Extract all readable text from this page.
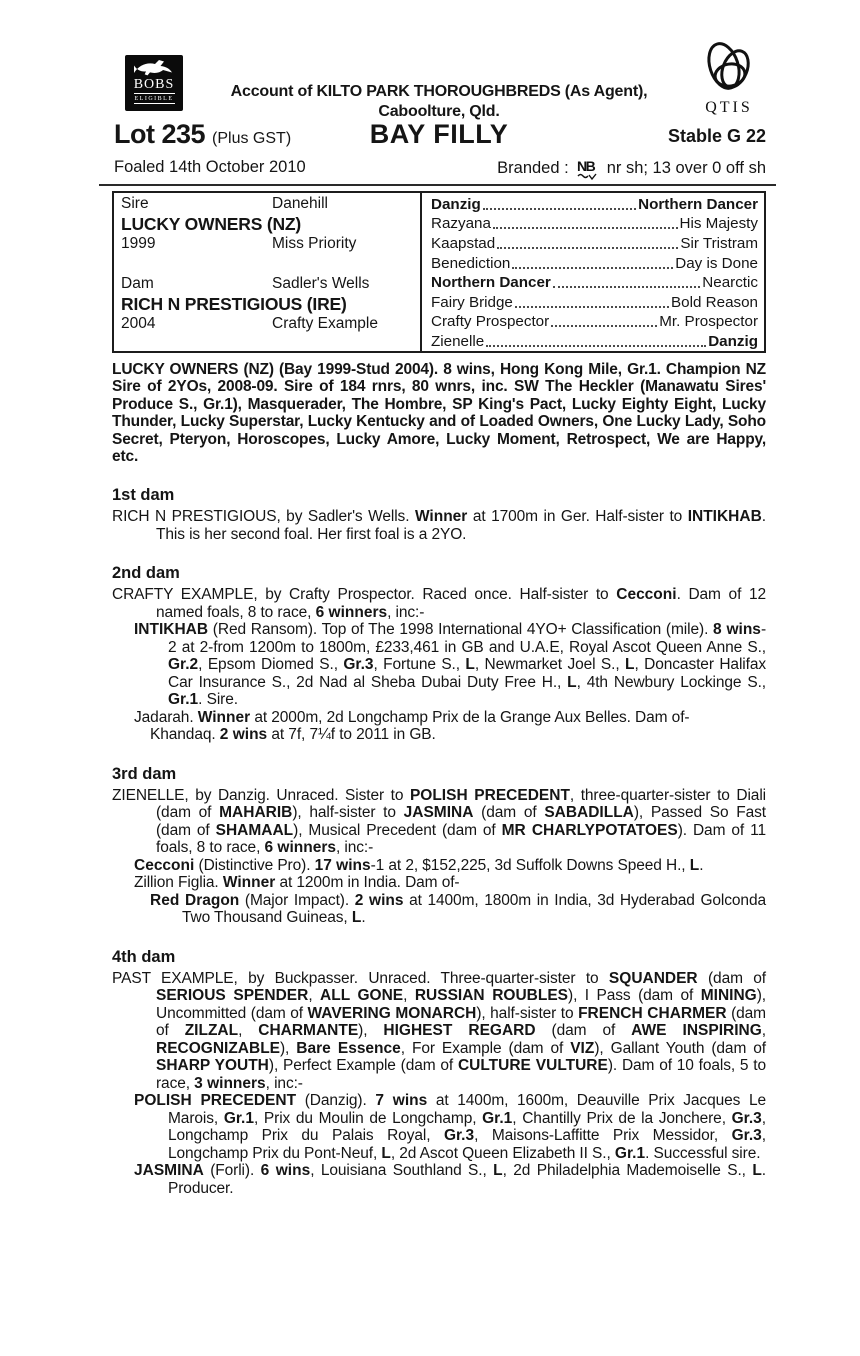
BOBS
ELIGIBLE	Account of KILTO PARK THOROUGHBREDS (As Agent),
Caboolture, Qld.	QTIS
Lot 235 (Plus GST)	BAY FILLY	Stable G 22
Foaled 14th October 2010	Branded : NB nr sh; 13 over 0 off sh
Sire	Danehill
LUCKY OWNERS (NZ)
1999	Miss Priority
Dam	Sadler's Wells
RICH N PRESTIGIOUS (IRE)
2004	Crafty Example
Danzig	Northern Dancer
Razyana	His Majesty
Kaapstad	Sir Tristram
Benediction	Day is Done
Northern Dancer	Nearctic
Fairy Bridge	Bold Reason
Crafty Prospector	Mr. Prospector
Zienelle	Danzig
LUCKY OWNERS (NZ) (Bay 1999-Stud 2004). 8 wins, Hong Kong Mile, Gr.1. Champion NZ Sire of 2YOs, 2008-09. Sire of 184 rnrs, 80 wnrs, inc. SW The Heckler (Manawatu Sires' Produce S., Gr.1), Masquerader, The Hombre, SP King's Pact, Lucky Eighty Eight, Lucky Thunder, Lucky Superstar, Lucky Kentucky and of Loaded Owners, One Lucky Lady, Soho Secret, Pteryon, Horoscopes, Lucky Amore, Lucky Moment, Retrospect, We are Happy, etc.
1st dam
RICH N PRESTIGIOUS, by Sadler's Wells. Winner at 1700m in Ger. Half-sister to INTIKHAB. This is her second foal. Her first foal is a 2YO.
2nd dam
CRAFTY EXAMPLE, by Crafty Prospector. Raced once. Half-sister to Cecconi. Dam of 12 named foals, 8 to race, 6 winners, inc:-
INTIKHAB (Red Ransom). Top of The 1998 International 4YO+ Classification (mile). 8 wins-2 at 2-from 1200m to 1800m, £233,461 in GB and U.A.E, Royal Ascot Queen Anne S., Gr.2, Epsom Diomed S., Gr.3, Fortune S., L, Newmarket Joel S., L, Doncaster Halifax Car Insurance S., 2d Nad al Sheba Dubai Duty Free H., L, 4th Newbury Lockinge S., Gr.1. Sire.
Jadarah. Winner at 2000m, 2d Longchamp Prix de la Grange Aux Belles. Dam of-
Khandaq. 2 wins at 7f, 7¼f to 2011 in GB.
3rd dam
ZIENELLE, by Danzig. Unraced. Sister to POLISH PRECEDENT, three-quarter-sister to Diali (dam of MAHARIB), half-sister to JASMINA (dam of SABADILLA), Passed So Fast (dam of SHAMAAL), Musical Precedent (dam of MR CHARLYPOTATOES). Dam of 11 foals, 8 to race, 6 winners, inc:-
Cecconi (Distinctive Pro). 17 wins-1 at 2, $152,225, 3d Suffolk Downs Speed H., L.
Zillion Figlia. Winner at 1200m in India. Dam of-
Red Dragon (Major Impact). 2 wins at 1400m, 1800m in India, 3d Hyderabad Golconda Two Thousand Guineas, L.
4th dam
PAST EXAMPLE, by Buckpasser. Unraced. Three-quarter-sister to SQUANDER (dam of SERIOUS SPENDER, ALL GONE, RUSSIAN ROUBLES), I Pass (dam of MINING), Uncommitted (dam of WAVERING MONARCH), half-sister to FRENCH CHARMER (dam of ZILZAL, CHARMANTE), HIGHEST REGARD (dam of AWE INSPIRING, RECOGNIZABLE), Bare Essence, For Example (dam of VIZ), Gallant Youth (dam of SHARP YOUTH), Perfect Example (dam of CULTURE VULTURE). Dam of 10 foals, 5 to race, 3 winners, inc:-
POLISH PRECEDENT (Danzig). 7 wins at 1400m, 1600m, Deauville Prix Jacques Le Marois, Gr.1, Prix du Moulin de Longchamp, Gr.1, Chantilly Prix de la Jonchere, Gr.3, Longchamp Prix du Palais Royal, Gr.3, Maisons-Laffitte Prix Messidor, Gr.3, Longchamp Prix du Pont-Neuf, L, 2d Ascot Queen Elizabeth II S., Gr.1. Successful sire.
JASMINA (Forli). 6 wins, Louisiana Southland S., L, 2d Philadelphia Mademoiselle S., L. Producer.
